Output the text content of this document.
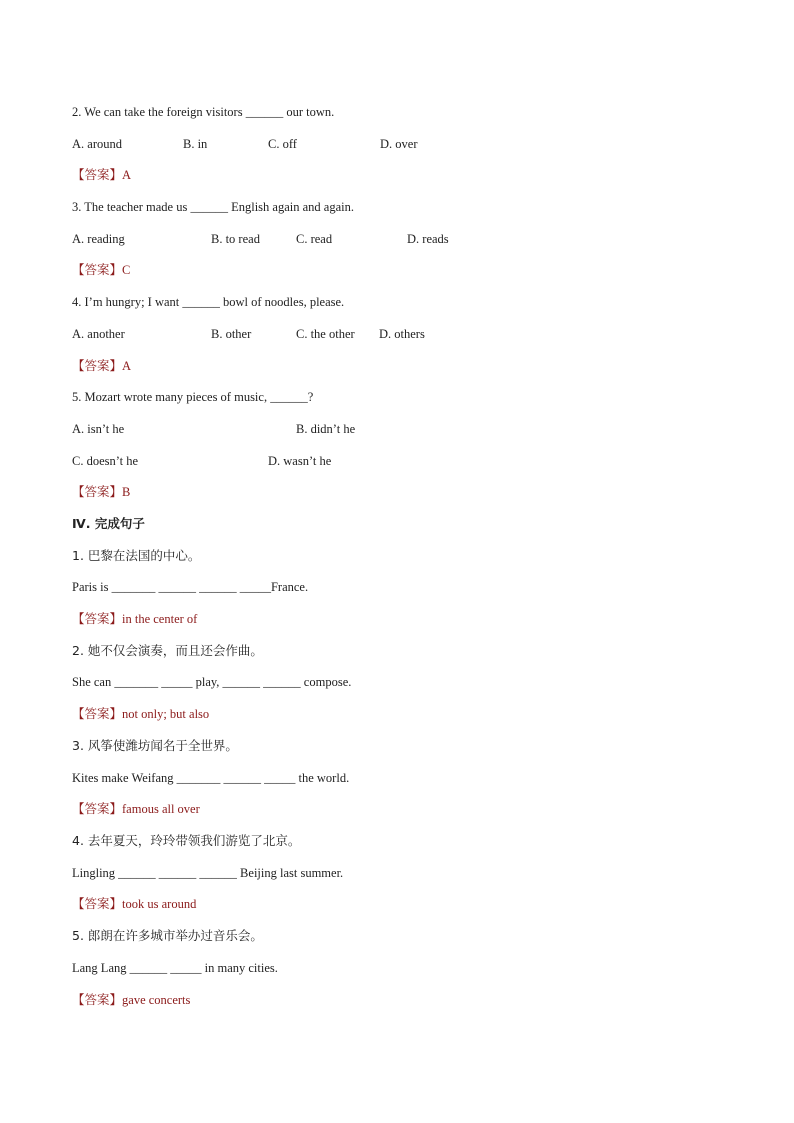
2. We can take the foreign visitors ______ our town.
A. around	B. in	C. off	D. over
【答案】A
3. The teacher made us ______ English again and again.
A. reading	B. to read	C. read	D. reads
【答案】C
4. I’m hungry; I want ______ bowl of noodles, please.
A. another	B. other	C. the other D. others
【答案】A
5. Mozart wrote many pieces of music, ______?
A. isn’t he	B. didn’t he
C. doesn’t he	D. wasn’t he
【答案】B
Ⅳ. 完成句子
1. 巴黎在法国的中心。
Paris is _______ ______ ______ _____France.
【答案】in the center of
2. 她不仅会演奏，而且还会作曲。
She can _______ _____ play, ______ ______ compose.
【答案】not only; but also
3. 风筝使潍坊闻名于全世界。
Kites make Weifang _______ ______ _____ the world.
【答案】famous all over
4. 去年夏天，玲玲带领我们游览了北京。
Lingling ______ ______ ______ Beijing last summer.
【答案】took us around
5. 郎朗在许多城市举办过音乐会。
Lang Lang ______ _____ in many cities.
【答案】gave concerts
